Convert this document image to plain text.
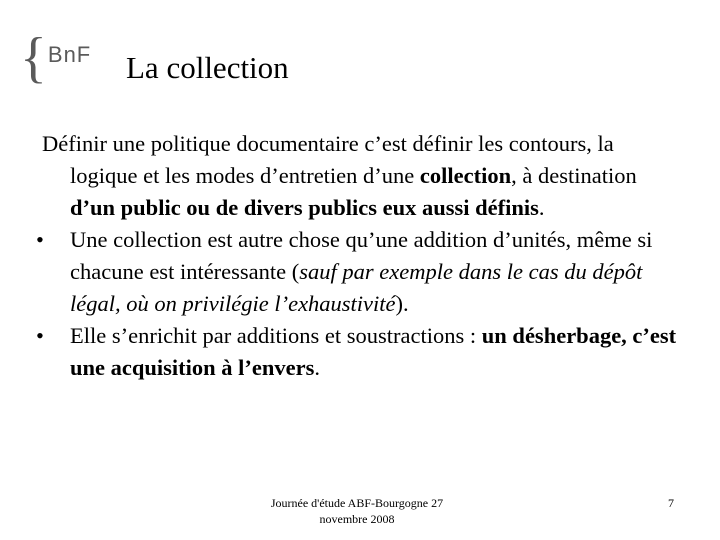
{ BnF La collection

Définir une politique documentaire c’est définir les contours, la logique et les modes d’entretien d’une collection, à destination d’un public ou de divers publics eux aussi définis.

• Une collection est autre chose qu’une addition d’unités, même si chacune est intéressante (sauf par exemple dans le cas du dépôt légal, où on privilégie l’exhaustivité).

• Elle s’enrichit par additions et soustractions : un désherbage, c’est une acquisition à l’envers.

Journée d'étude ABF-Bourgogne 27
novembre 2008
7
